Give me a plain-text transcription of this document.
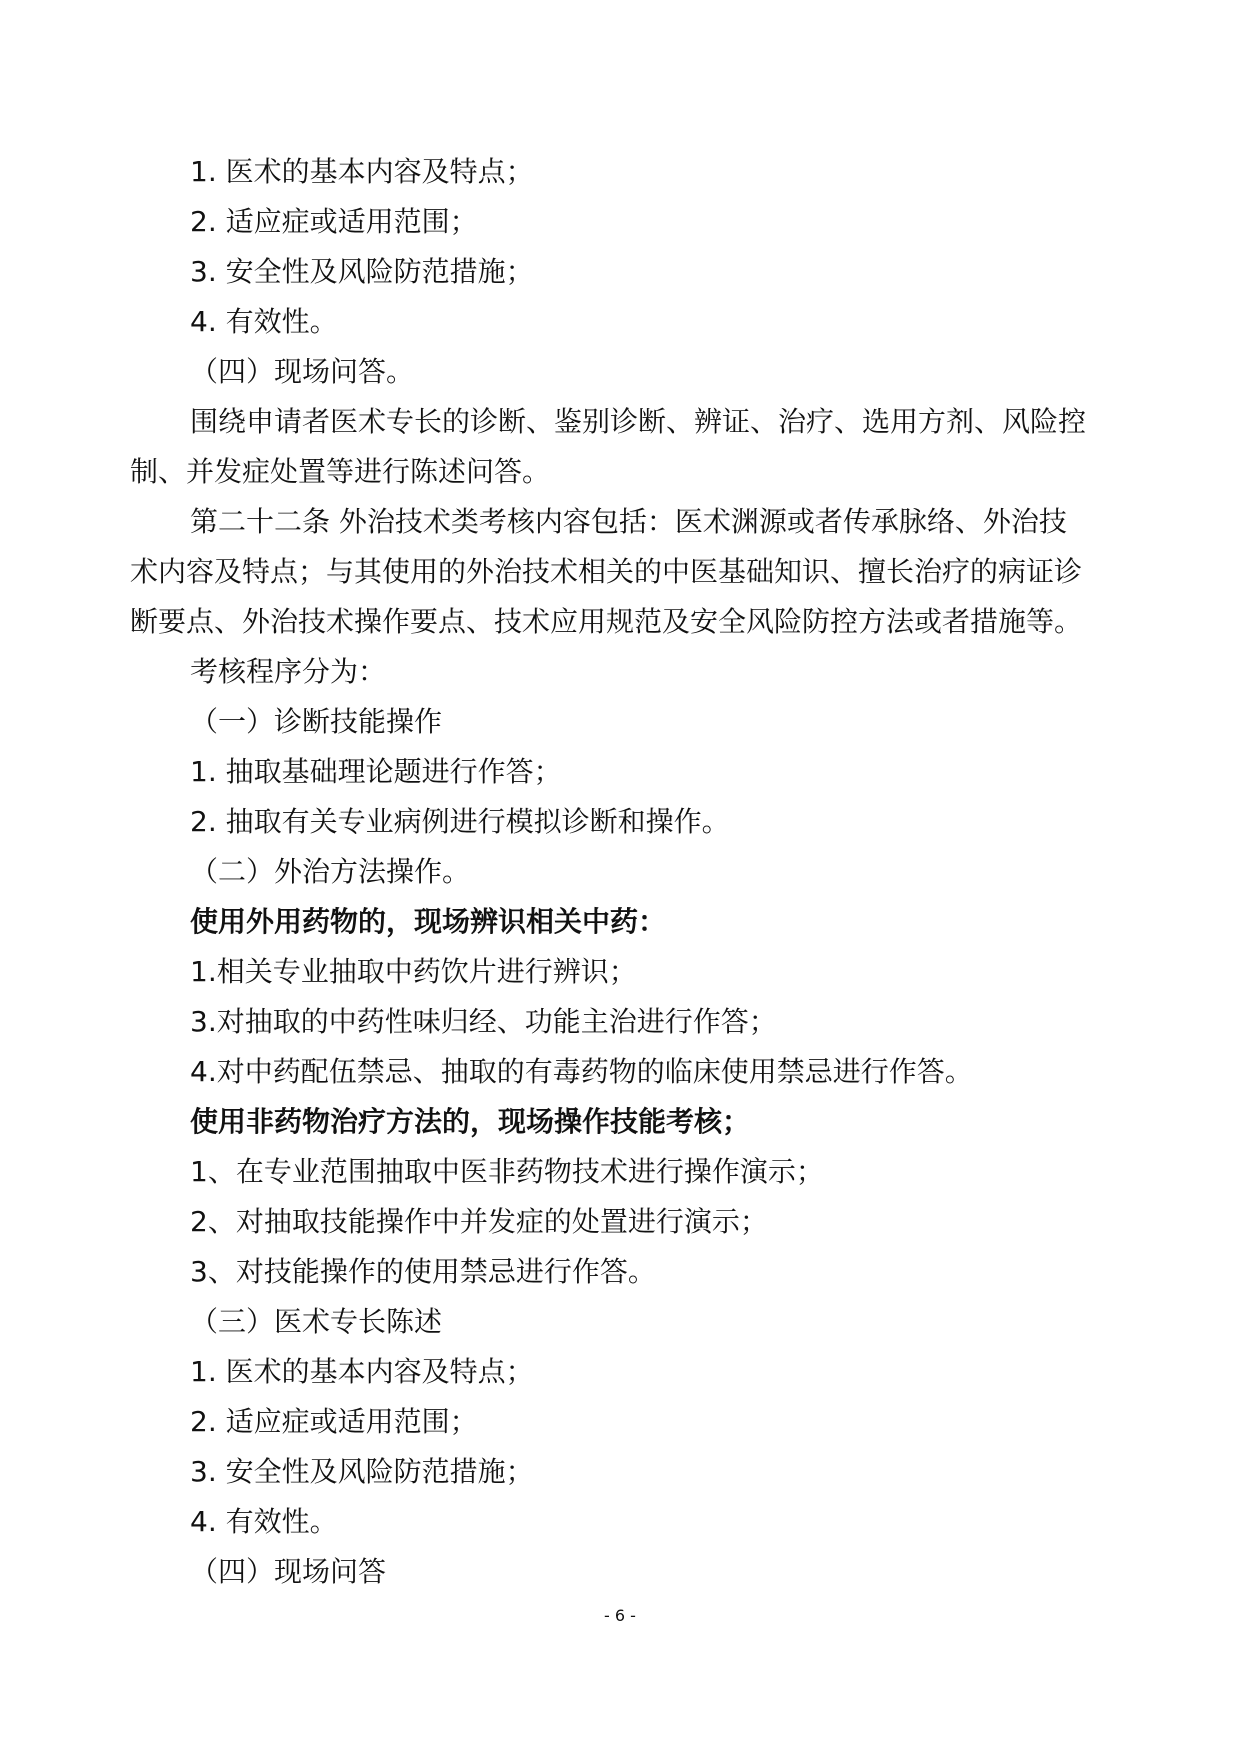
1. 医术的基本内容及特点；

2. 适应症或适用范围；

3. 安全性及风险防范措施；

4. 有效性。

（四）现场问答。

围绕申请者医术专长的诊断、鉴别诊断、辨证、治疗、选用方剂、风险控

制、并发症处置等进行陈述问答。

第二十二条 外治技术类考核内容包括：医术渊源或者传承脉络、外治技

术内容及特点；与其使用的外治技术相关的中医基础知识、擅长治疗的病证诊

断要点、外治技术操作要点、技术应用规范及安全风险防控方法或者措施等。

考核程序分为：

（一）诊断技能操作

1. 抽取基础理论题进行作答；

2. 抽取有关专业病例进行模拟诊断和操作。

（二）外治方法操作。

使用外用药物的，现场辨识相关中药：

1.相关专业抽取中药饮片进行辨识；

3.对抽取的中药性味归经、功能主治进行作答；

4.对中药配伍禁忌、抽取的有毒药物的临床使用禁忌进行作答。

使用非药物治疗方法的，现场操作技能考核；

1、在专业范围抽取中医非药物技术进行操作演示；

2、对抽取技能操作中并发症的处置进行演示；

3、对技能操作的使用禁忌进行作答。

（三）医术专长陈述

1. 医术的基本内容及特点；

2. 适应症或适用范围；

3. 安全性及风险防范措施；

4. 有效性。

（四）现场问答

- 6 -
